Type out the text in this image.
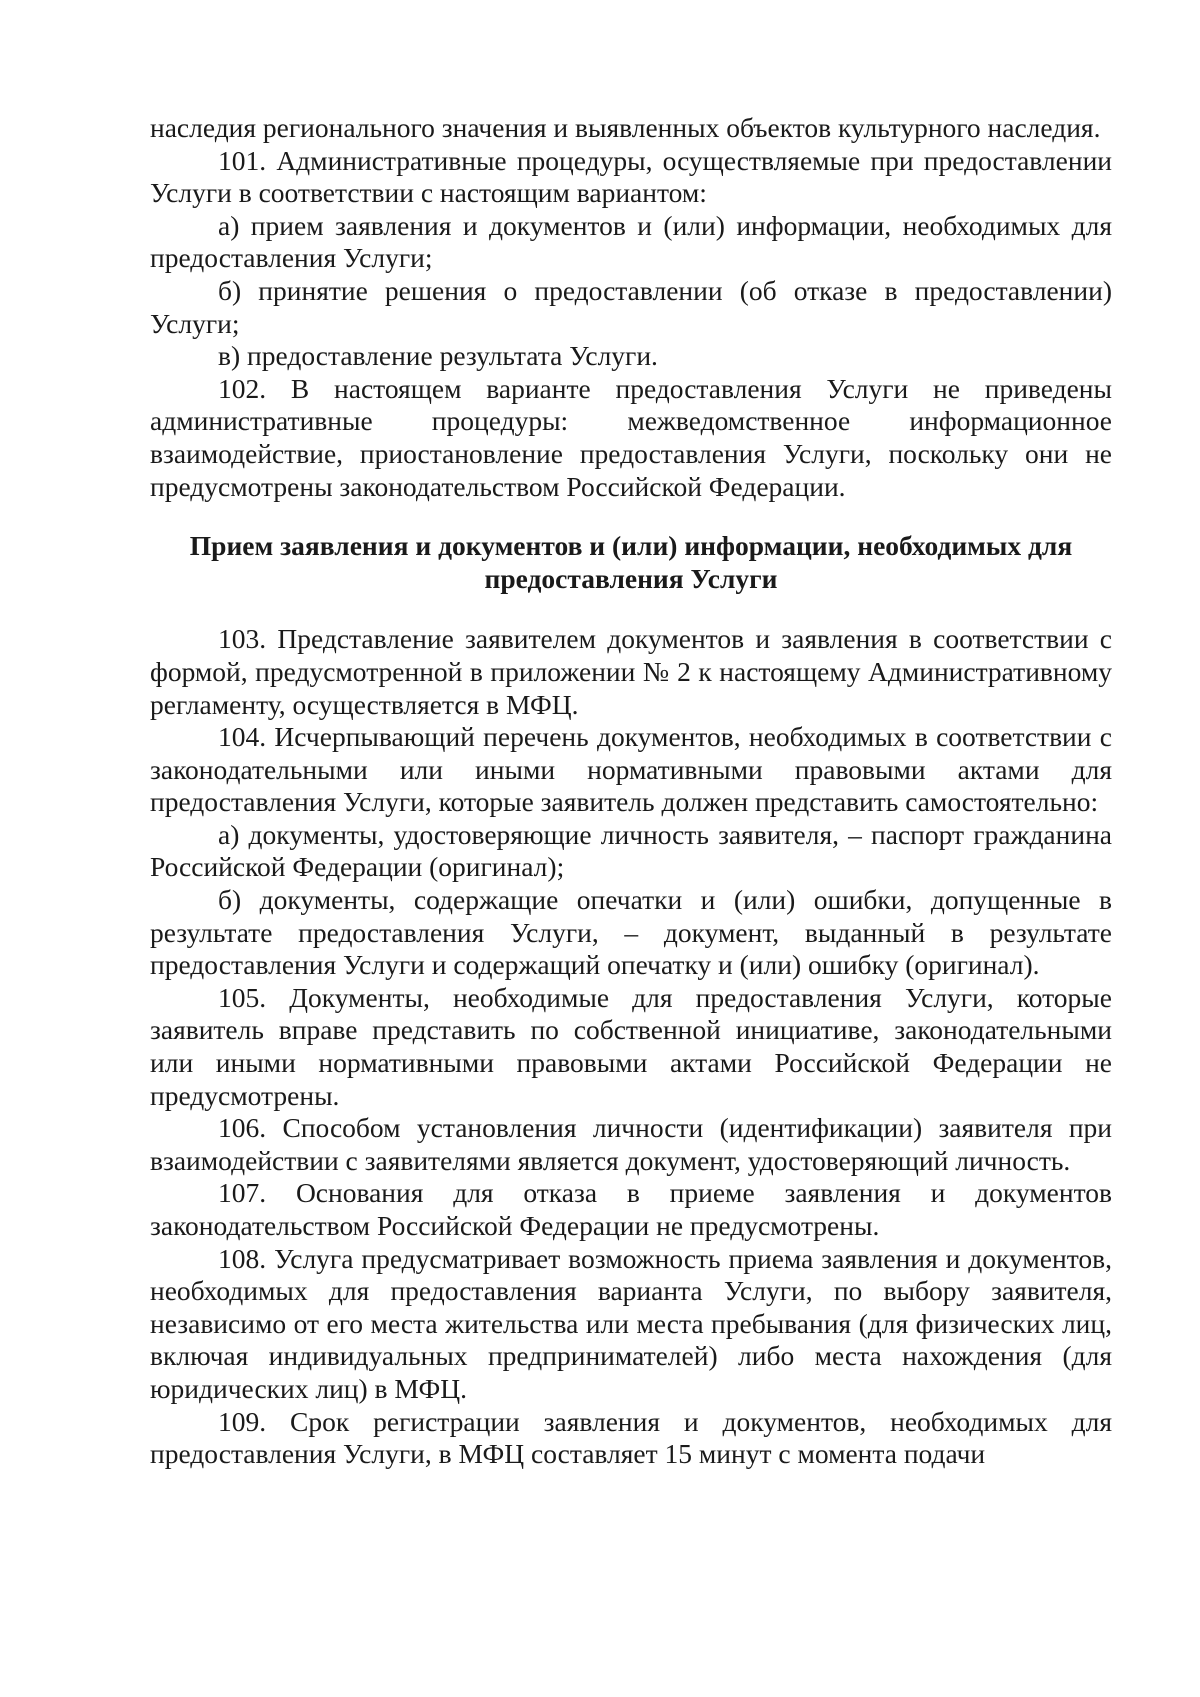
наследия регионального значения и выявленных объектов культурного наследия.

101. Административные процедуры, осуществляемые при предоставлении Услуги в соответствии с настоящим вариантом:

а) прием заявления и документов и (или) информации, необходимых для предоставления Услуги;

б) принятие решения о предоставлении (об отказе в предоставлении) Услуги;

в) предоставление результата Услуги.

102. В настоящем варианте предоставления Услуги не приведены административные процедуры: межведомственное информационное взаимодействие, приостановление предоставления Услуги, поскольку они не предусмотрены законодательством Российской Федерации.

Прием заявления и документов и (или) информации, необходимых для предоставления Услуги

103. Представление заявителем документов и заявления в соответствии с формой, предусмотренной в приложении № 2 к настоящему Административному регламенту, осуществляется в МФЦ.

104. Исчерпывающий перечень документов, необходимых в соответствии с законодательными или иными нормативными правовыми актами для предоставления Услуги, которые заявитель должен представить самостоятельно:

а) документы, удостоверяющие личность заявителя, – паспорт гражданина Российской Федерации (оригинал);

б) документы, содержащие опечатки и (или) ошибки, допущенные в результате предоставления Услуги, – документ, выданный в результате предоставления Услуги и содержащий опечатку и (или) ошибку (оригинал).

105. Документы, необходимые для предоставления Услуги, которые заявитель вправе представить по собственной инициативе, законодательными или иными нормативными правовыми актами Российской Федерации не предусмотрены.

106. Способом установления личности (идентификации) заявителя при взаимодействии с заявителями является документ, удостоверяющий личность.

107. Основания для отказа в приеме заявления и документов законодательством Российской Федерации не предусмотрены.

108. Услуга предусматривает возможность приема заявления и документов, необходимых для предоставления варианта Услуги, по выбору заявителя, независимо от его места жительства или места пребывания (для физических лиц, включая индивидуальных предпринимателей) либо места нахождения (для юридических лиц) в МФЦ.

109. Срок регистрации заявления и документов, необходимых для предоставления Услуги, в МФЦ составляет 15 минут с момента подачи
